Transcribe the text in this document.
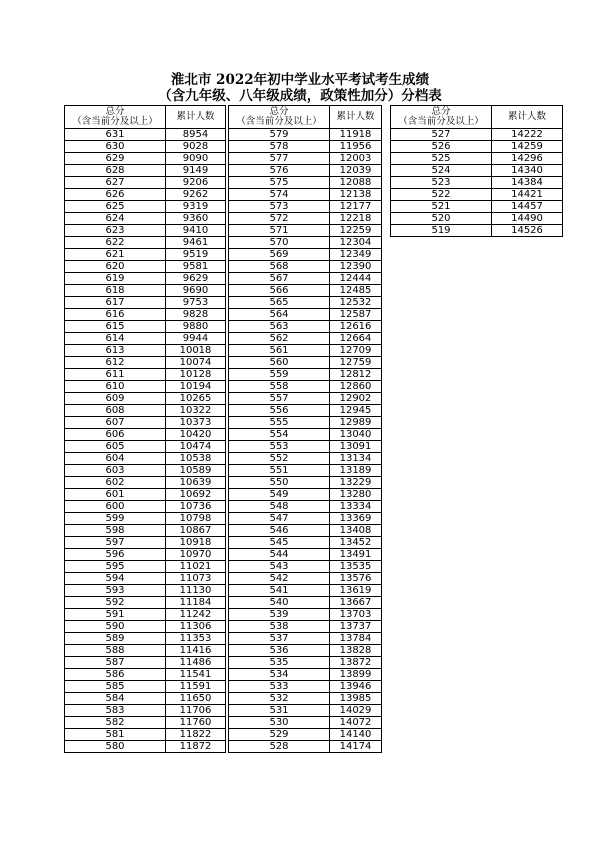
淮北市 2022年初中学业水平考试考生成绩
（含九年级、八年级成绩，政策性加分）分档表
总分
（含当前分及以上）	累计人数
631	8954
630	9028
629	9090
628	9149
627	9206
626	9262
625	9319
624	9360
623	9410
622	9461
621	9519
620	9581
619	9629
618	9690
617	9753
616	9828
615	9880
614	9944
613	10018
612	10074
611	10128
610	10194
609	10265
608	10322
607	10373
606	10420
605	10474
604	10538
603	10589
602	10639
601	10692
600	10736
599	10798
598	10867
597	10918
596	10970
595	11021
594	11073
593	11130
592	11184
591	11242
590	11306
589	11353
588	11416
587	11486
586	11541
585	11591
584	11650
583	11706
582	11760
581	11822
580	11872
总分
（含当前分及以上）	累计人数
579	11918
578	11956
577	12003
576	12039
575	12088
574	12138
573	12177
572	12218
571	12259
570	12304
569	12349
568	12390
567	12444
566	12485
565	12532
564	12587
563	12616
562	12664
561	12709
560	12759
559	12812
558	12860
557	12902
556	12945
555	12989
554	13040
553	13091
552	13134
551	13189
550	13229
549	13280
548	13334
547	13369
546	13408
545	13452
544	13491
543	13535
542	13576
541	13619
540	13667
539	13703
538	13737
537	13784
536	13828
535	13872
534	13899
533	13946
532	13985
531	14029
530	14072
529	14140
528	14174
总分
（含当前分及以上）	累计人数
527	14222
526	14259
525	14296
524	14340
523	14384
522	14421
521	14457
520	14490
519	14526
